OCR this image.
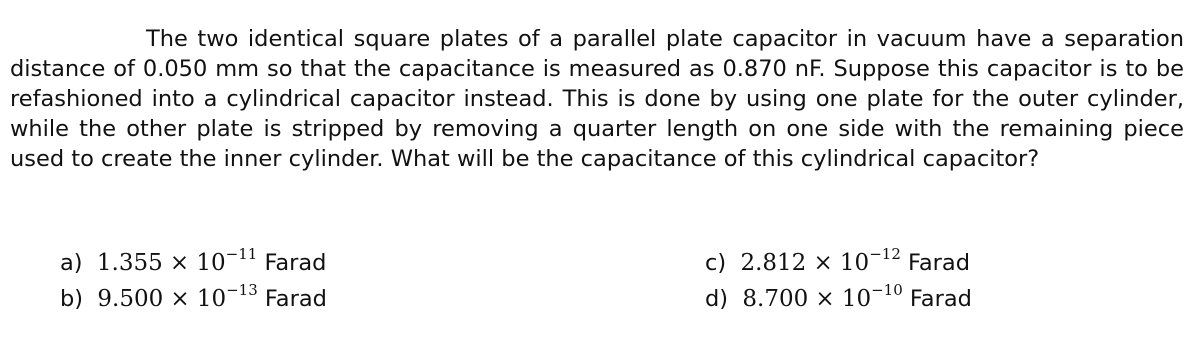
The two identical square plates of a parallel plate capacitor in vacuum have a separation distance of 0.050 mm so that the capacitance is measured as 0.870 nF. Suppose this capacitor is to be refashioned into a cylindrical capacitor instead. This is done by using one plate for the outer cylinder, while the other plate is stripped by removing a quarter length on one side with the remaining piece used to create the inner cylinder. What will be the capacitance of this cylindrical capacitor?
a) $1.355 \times 10^{-11}$ Farad
b) $9.500 \times 10^{-13}$ Farad
c) $2.812 \times 10^{-12}$ Farad
d) $8.700 \times 10^{-10}$ Farad
